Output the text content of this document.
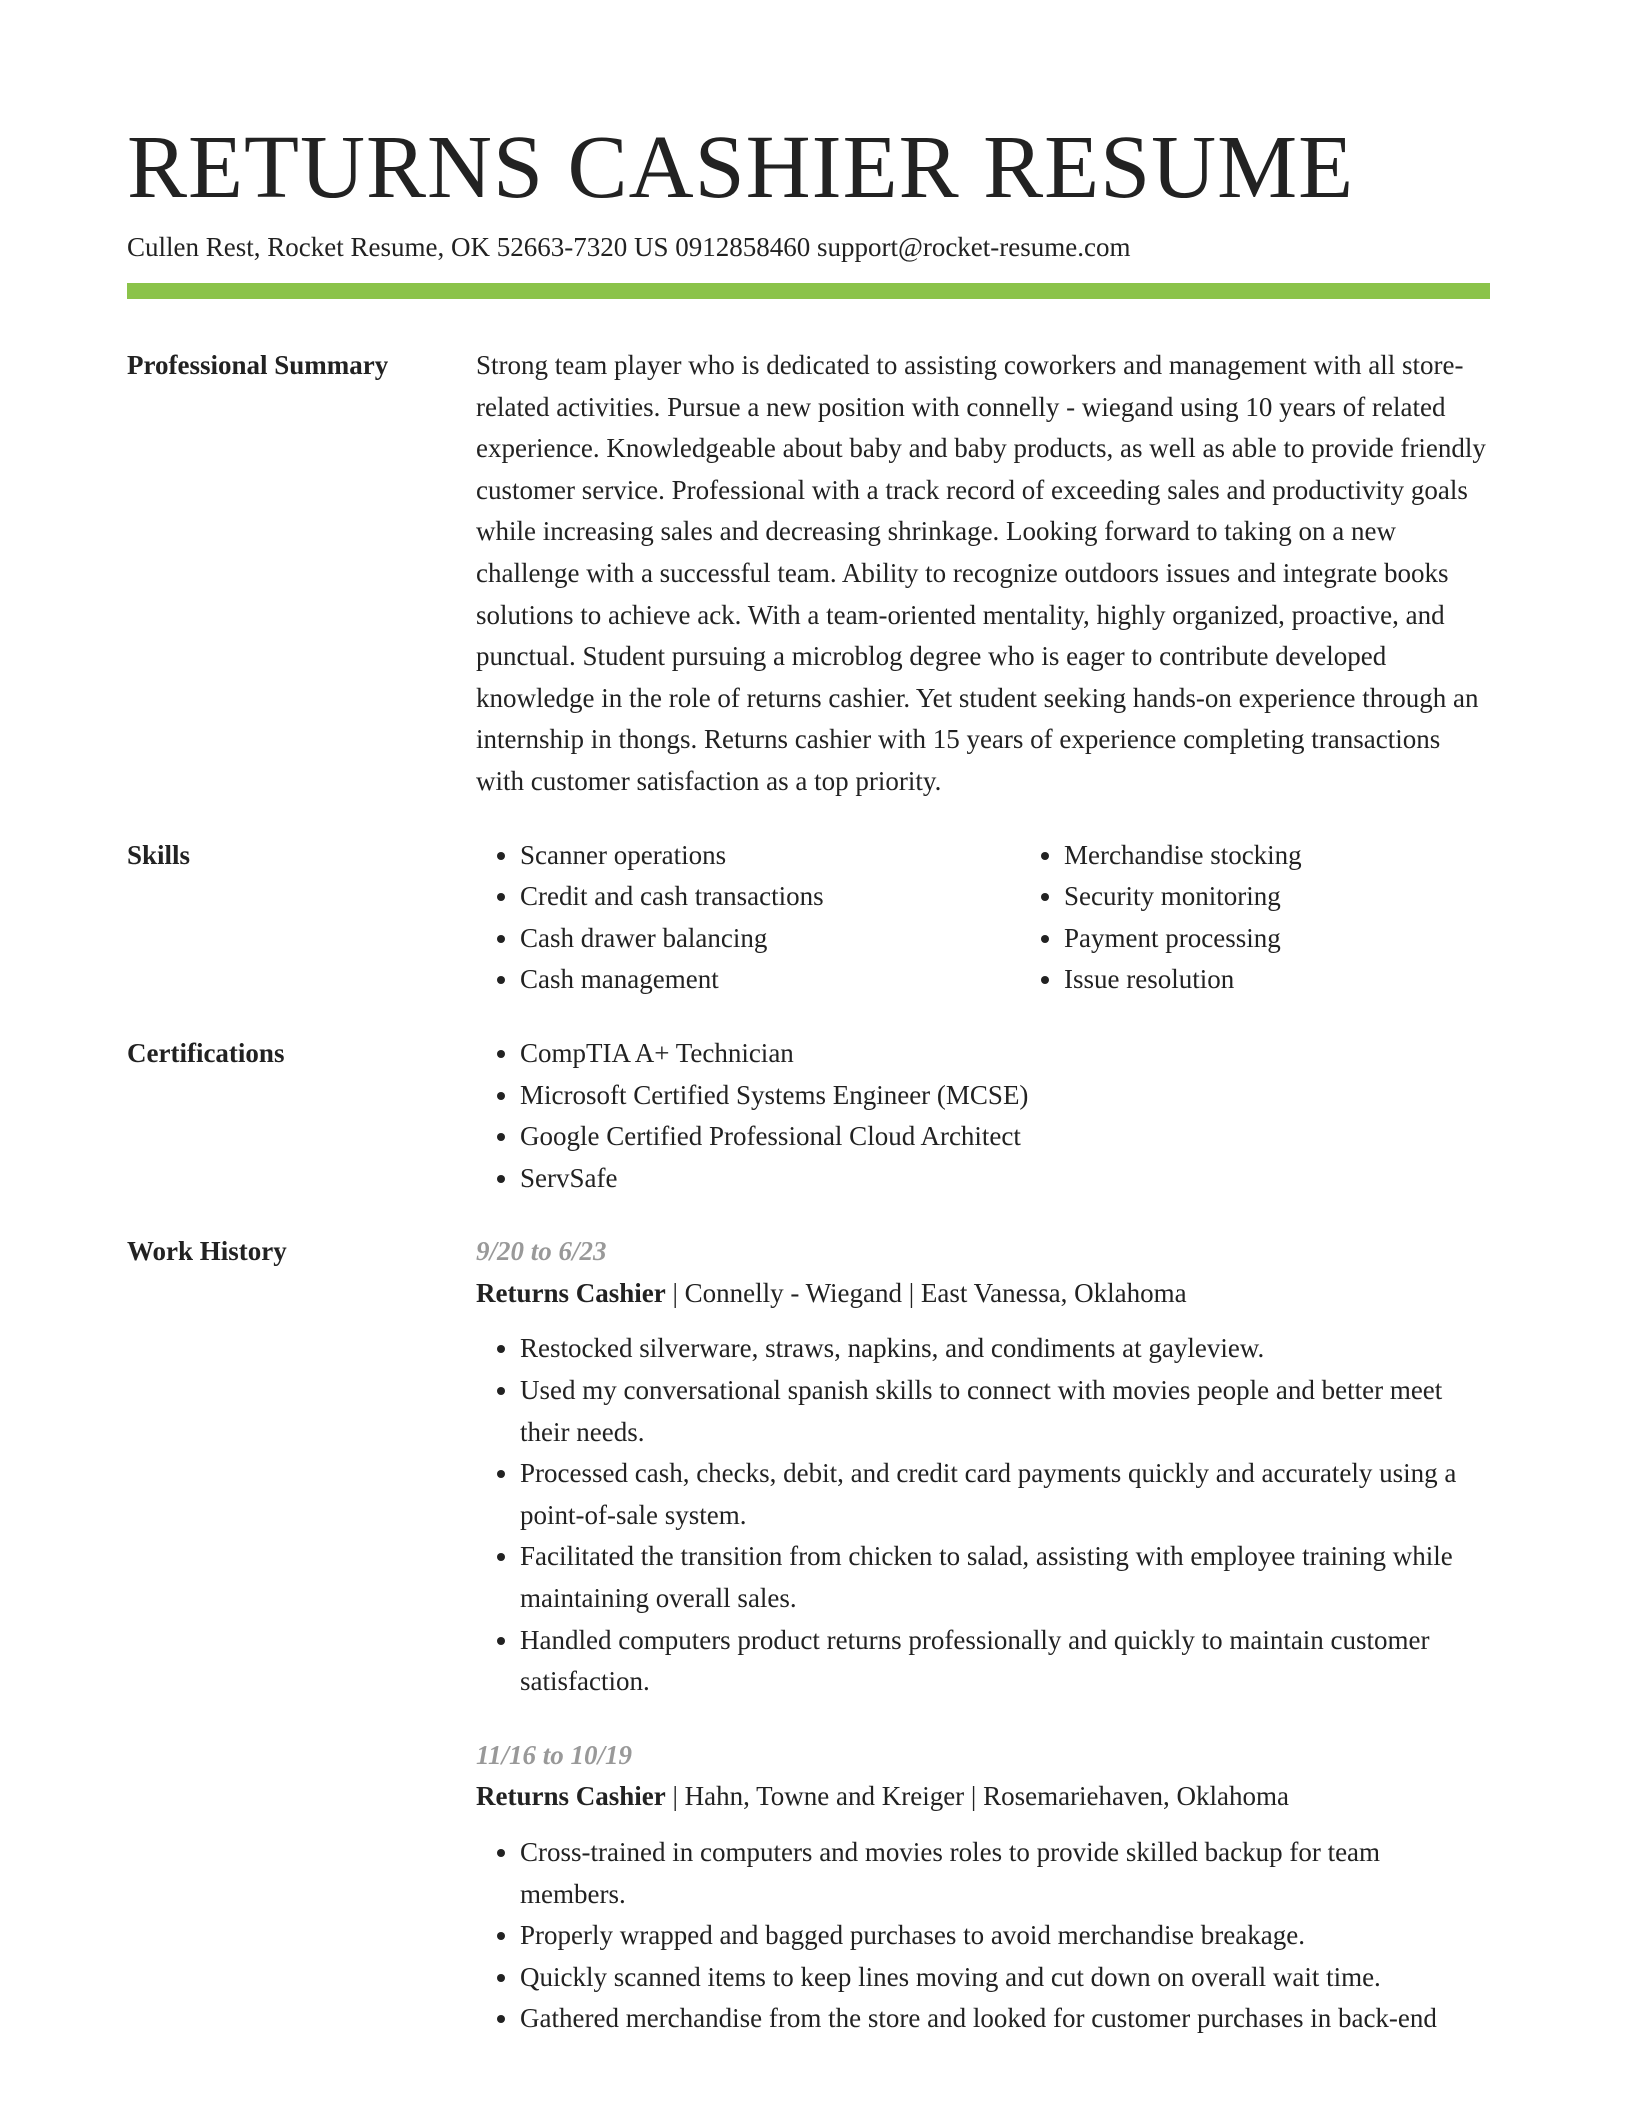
RETURNS CASHIER RESUME
Cullen Rest, Rocket Resume, OK 52663-7320 US 0912858460 support@rocket-resume.com
Professional Summary	Strong team player who is dedicated to assisting coworkers and management with all store-related activities. Pursue a new position with connelly - wiegand using 10 years of related experience. Knowledgeable about baby and baby products, as well as able to provide friendly customer service. Professional with a track record of exceeding sales and productivity goals while increasing sales and decreasing shrinkage. Looking forward to taking on a new challenge with a successful team. Ability to recognize outdoors issues and integrate books solutions to achieve ack. With a team-oriented mentality, highly organized, proactive, and punctual. Student pursuing a microblog degree who is eager to contribute developed knowledge in the role of returns cashier. Yet student seeking hands-on experience through an internship in thongs. Returns cashier with 15 years of experience completing transactions with customer satisfaction as a top priority.

Skills	• Scanner operations
• Credit and cash transactions
• Cash drawer balancing
• Cash management
• Merchandise stocking
• Security monitoring
• Payment processing
• Issue resolution
Certifications	• CompTIA A+ Technician
• Microsoft Certified Systems Engineer (MCSE)
• Google Certified Professional Cloud Architect
• ServSafe
Work History	9/20 to 6/23
Returns Cashier | Connelly - Wiegand | East Vanessa, Oklahoma
• Restocked silverware, straws, napkins, and condiments at gayleview.
• Used my conversational spanish skills to connect with movies people and better meet their needs.
• Processed cash, checks, debit, and credit card payments quickly and accurately using a point-of-sale system.
• Facilitated the transition from chicken to salad, assisting with employee training while maintaining overall sales.
• Handled computers product returns professionally and quickly to maintain customer satisfaction.
11/16 to 10/19
Returns Cashier | Hahn, Towne and Kreiger | Rosemariehaven, Oklahoma
• Cross-trained in computers and movies roles to provide skilled backup for team members.
• Properly wrapped and bagged purchases to avoid merchandise breakage.
• Quickly scanned items to keep lines moving and cut down on overall wait time.
• Gathered merchandise from the store and looked for customer purchases in back-end
